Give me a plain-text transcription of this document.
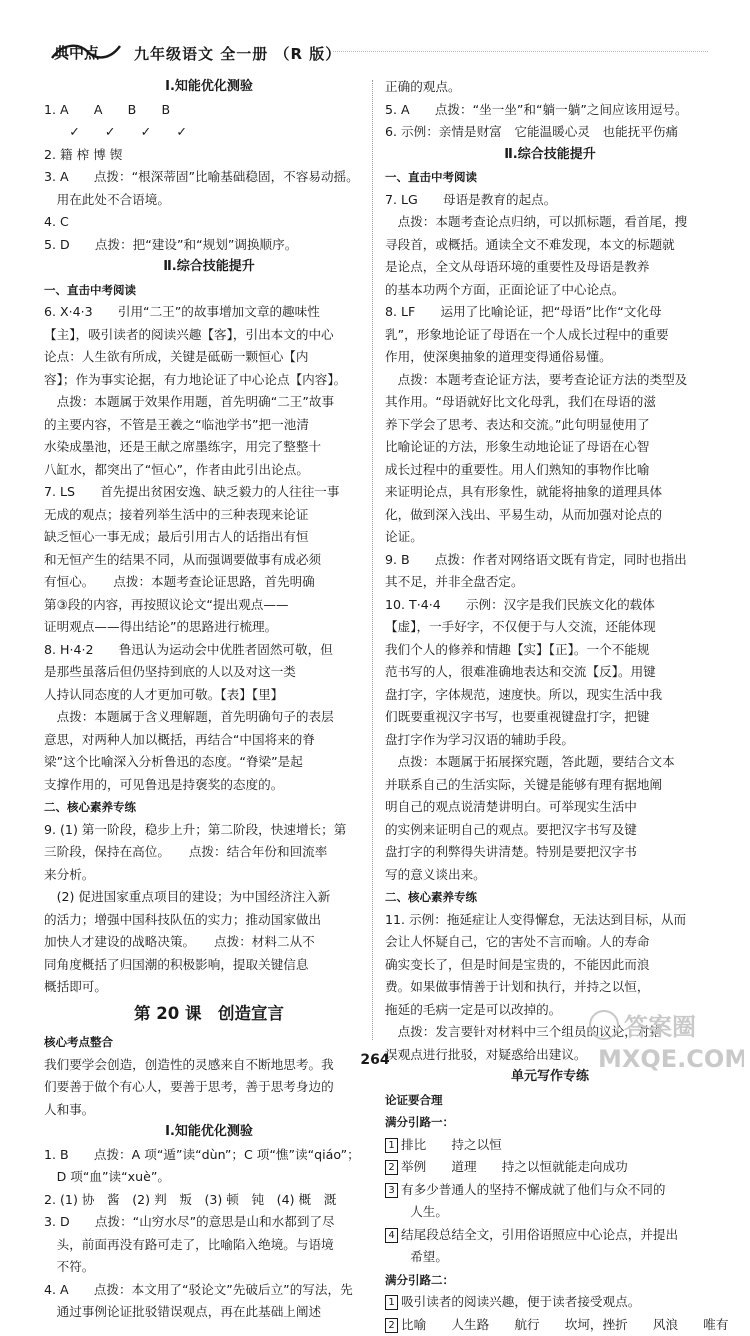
典中点 九年级语文 全一册 （R 版）
Ⅰ.知能优化测验
1. A　　A　　B　　B
　　✓　　✓　　✓　　✓
2. 籍 榨 博 锲
3. A　　点拨：“根深蒂固”比喻基础稳固，不容易动摇。
　用在此处不合语境。
4. C
5. D　　点拨：把“建设”和“规划”调换顺序。
Ⅱ.综合技能提升
一、直击中考阅读
6. X·4·3　　引用“二王”的故事增加文章的趣味性
【主】，吸引读者的阅读兴趣【客】，引出本文的中心
论点：人生欲有所成，关键是砥砺一颗恒心【内
容】；作为事实论据，有力地论证了中心论点【内容】。
　点拨：本题属于效果作用题，首先明确“二王”故事
的主要内容，不管是王羲之“临池学书”把一池清
水染成墨池，还是王献之席墨练字，用完了整整十
八缸水，都突出了“恒心”，作者由此引出论点。
7. LS　　首先提出贫困安逸、缺乏毅力的人往往一事
无成的观点；接着列举生活中的三种表现来论证
缺乏恒心一事无成；最后引用古人的话指出有恒
和无恒产生的结果不同，从而强调要做事有成必须
有恒心。　　点拨：本题考查论证思路，首先明确
第③段的内容，再按照议论文“提出观点——
证明观点——得出结论”的思路进行梳理。
8. H·4·2　　鲁迅认为运动会中优胜者固然可敬，但
是那些虽落后但仍坚持到底的人以及对这一类
人持认同态度的人才更加可敬。【表】【里】
　点拨：本题属于含义理解题，首先明确句子的表层
意思，对两种人加以概括，再结合“中国将来的脊
梁”这个比喻深入分析鲁迅的态度。“脊梁”是起
支撑作用的，可见鲁迅是持褒奖的态度的。
二、核心素养专练
9. (1) 第一阶段，稳步上升；第二阶段，快速增长；第
三阶段，保持在高位。　　点拨：结合年份和回流率
来分析。
　(2) 促进国家重点项目的建设；为中国经济注入新
的活力；增强中国科技队伍的实力；推动国家做出
加快人才建设的战略决策。　　点拨：材料二从不
同角度概括了归国潮的积极影响，提取关键信息
概括即可。
第 20 课　创造宣言
核心考点整合
我们要学会创造，创造性的灵感来自不断地思考。我
们要善于做个有心人，要善于思考，善于思考身边的
人和事。
Ⅰ.知能优化测验
1. B　　点拨：A 项“遁”读“dùn”；C 项“憔”读“qiáo”；
　D 项“血”读“xuè”。
2. (1) 协　酱　(2) 判　叛　(3) 顿　钝　(4) 概　溉
3. D　　点拨：“山穷水尽”的意思是山和水都到了尽
　头，前面再没有路可走了，比喻陷入绝境。与语境
　不符。
4. A　　点拨：本文用了“驳论文”先破后立”的写法，先
　通过事例论证批驳错误观点，再在此基础上阐述
正确的观点。
5. A　　点拨：“坐一坐”和“躺一躺”之间应该用逗号。
6. 示例：亲情是财富　它能温暖心灵　也能抚平伤痛
Ⅱ.综合技能提升
一、直击中考阅读
7. LG　　母语是教育的起点。
　点拨：本题考查论点归纳，可以抓标题，看首尾，搜
寻段首，或概括。通读全文不难发现，本文的标题就
是论点，全文从母语环境的重要性及母语是教养
的基本功两个方面，正面论证了中心论点。
8. LF　　运用了比喻论证，把“母语”比作“文化母
乳”，形象地论证了母语在一个人成长过程中的重要
作用，使深奥抽象的道理变得通俗易懂。
　点拨：本题考查论证方法，要考查论证方法的类型及
其作用。“母语就好比文化母乳，我们在母语的滋
养下学会了思考、表达和交流。”此句明显使用了
比喻论证的方法，形象生动地论证了母语在心智
成长过程中的重要性。用人们熟知的事物作比喻
来证明论点，具有形象性，就能将抽象的道理具体
化，做到深入浅出、平易生动，从而加强对论点的
论证。
9. B　　点拨：作者对网络语文既有肯定，同时也指出
其不足，并非全盘否定。
10. T·4·4　　示例：汉字是我们民族文化的载体
【虚】，一手好字，不仅便于与人交流，还能体现
我们个人的修养和情趣【实】【正】。一个不能规
范书写的人，很难准确地表达和交流【反】。用键
盘打字，字体规范，速度快。所以，现实生活中我
们既要重视汉字书写，也要重视键盘打字，把键
盘打字作为学习汉语的辅助手段。
　点拨：本题属于拓展探究题，答此题，要结合文本
并联系自己的生活实际，关键是能够有理有据地阐
明自己的观点说清楚讲明白。可举现实生活中
的实例来证明自己的观点。要把汉字书写及键
盘打字的利弊得失讲清楚。特别是要把汉字书
写的意义谈出来。
二、核心素养专练
11. 示例：拖延症让人变得懈怠，无法达到目标，从而
会让人怀疑自己，它的害处不言而喻。人的寿命
确实变长了，但是时间是宝贵的，不能因此而浪
费。如果做事情善于计划和执行，并持之以恒，
拖延的毛病一定是可以改掉的。
　点拨：发言要针对材料中三个组员的议论，对错
误观点进行批驳，对疑惑给出建议。
单元写作专练
论证要合理
满分引路一：
1 排比　　持之以恒
2 举例　　道理　　持之以恒就能走向成功
3 有多少普通人的坚持不懈成就了他们与众不同的
　　人生。
4 结尾段总结全文，引用俗语照应中心论点，并提出
　　希望。
满分引路二：
1 吸引读者的阅读兴趣，便于读者接受观点。
2 比喻　　人生路　　航行　　坎坷，挫折　　风浪　　唯有
264
答案圈
MXQE.COM
